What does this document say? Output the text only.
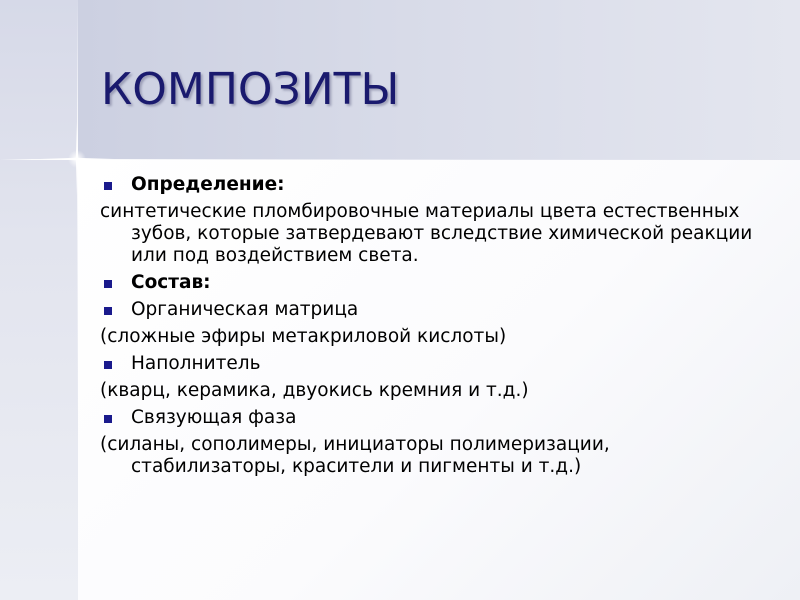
КОМПОЗИТЫ
Определение:
синтетические пломбировочные материалы цвета естественных зубов, которые затвердевают вследствие химической реакции или под воздействием света.
Состав:
Органическая матрица
(сложные эфиры метакриловой кислоты)
Наполнитель
(кварц, керамика, двуокись кремния и т.д.)
Связующая фаза
(силаны, сополимеры, инициаторы полимеризации, стабилизаторы, красители и пигменты и т.д.)
